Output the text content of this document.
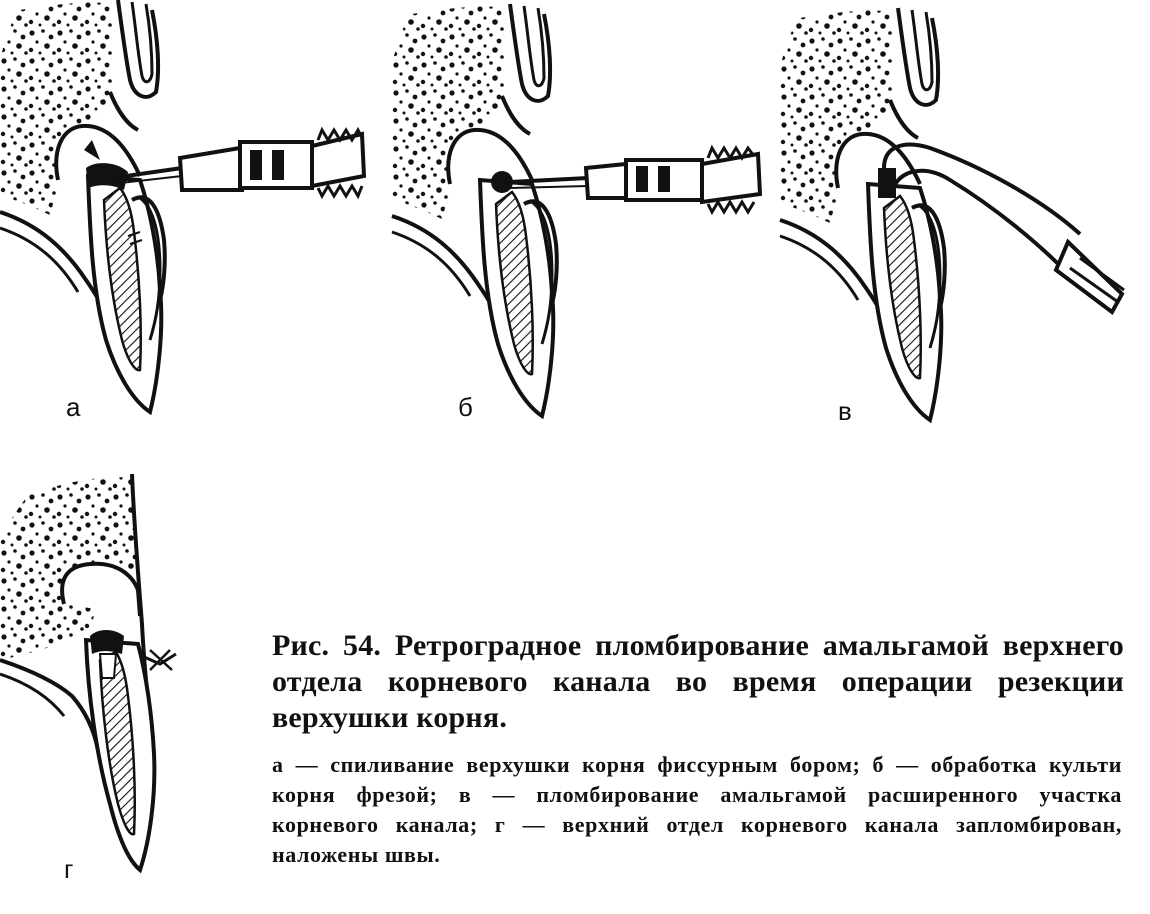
а	б	в
г
Рис. 54. Ретроградное пломбирование амальгамой верхнего отдела корневого канала во время операции резекции верхушки корня.
а — спиливание верхушки корня фиссурным бором; б — обработка культи корня фрезой; в — пломбирование амальгамой расширенного участка корневого канала; г — верхний отдел корневого канала запломбирован, наложены швы.
